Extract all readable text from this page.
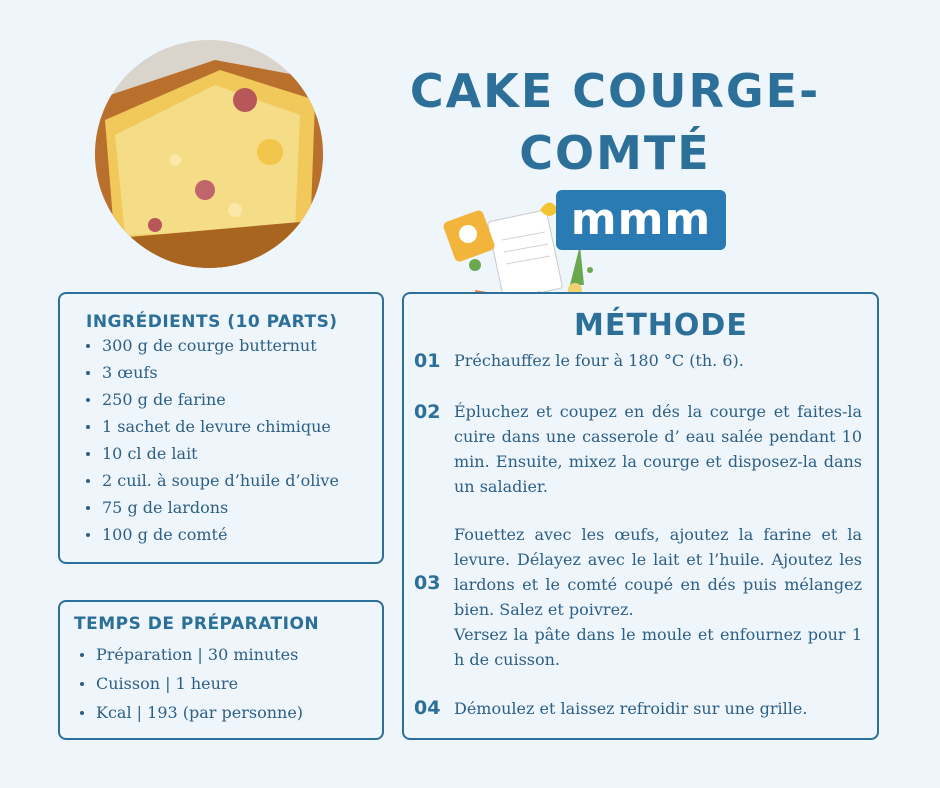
CAKE COURGE-COMTÉ
mmm
INGRÉDIENTS (10 PARTS)
300 g de courge butternut
3 œufs
250 g de farine
1 sachet de levure chimique
10 cl de lait
2 cuil. à soupe d’huile d’olive
75 g de lardons
100 g de comté
TEMPS DE PRÉPARATION
Préparation | 30 minutes
Cuisson | 1 heure
Kcal | 193 (par personne)
MÉTHODE
01 Préchauffez le four à 180 °C (th. 6).

02 Épluchez et coupez en dés la courge et faites-la cuire dans une casserole d’ eau salée pendant 10 min. Ensuite, mixez la courge et disposez-la dans un saladier.

03

Fouettez avec les œufs, ajoutez la farine et la levure. Délayez avec le lait et l’huile. Ajoutez les lardons et le comté coupé en dés puis mélangez bien. Salez et poivrez.

Versez la pâte dans le moule et enfournez pour 1 h de cuisson.

04 Démoulez et laissez refroidir sur une grille.
